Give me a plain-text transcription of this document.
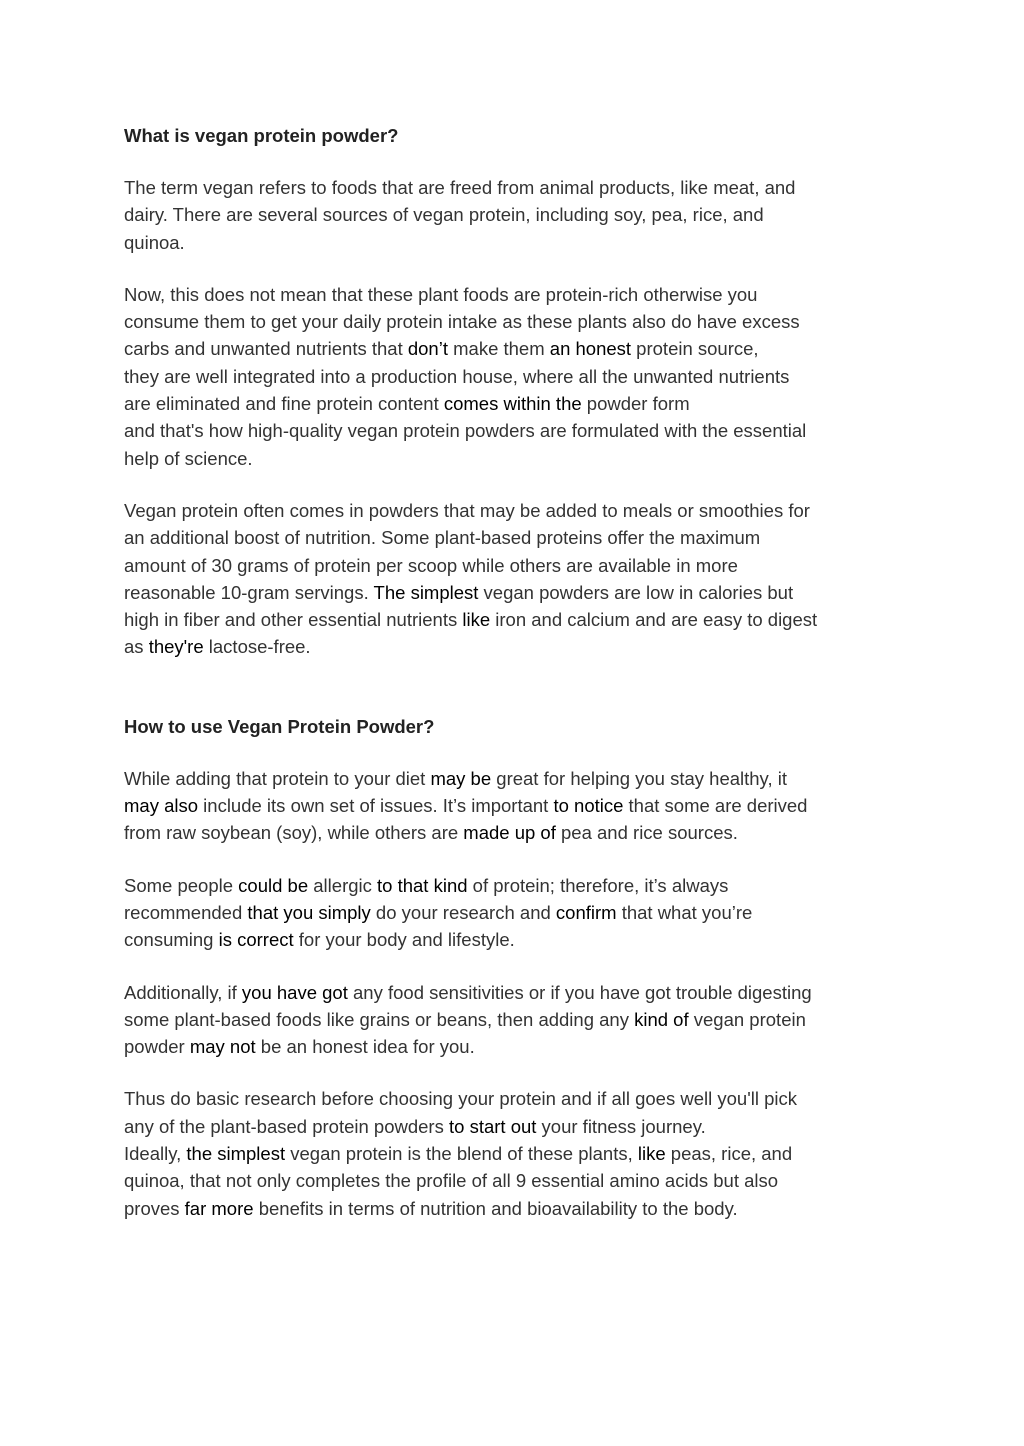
What is vegan protein powder?

The term vegan refers to foods that are freed from animal products, like meat, and
dairy. There are several sources of vegan protein, including soy, pea, rice, and
quinoa.

Now, this does not mean that these plant foods are protein-rich otherwise you
consume them to get your daily protein intake as these plants also do have excess
carbs and unwanted nutrients that don’t make them an honest protein source,
they are well integrated into a production house, where all the unwanted nutrients
are eliminated and fine protein content comes within the powder form
and that's how high-quality vegan protein powders are formulated with the essential
help of science.

Vegan protein often comes in powders that may be added to meals or smoothies for
an additional boost of nutrition. Some plant-based proteins offer the maximum
amount of 30 grams of protein per scoop while others are available in more
reasonable 10-gram servings. The simplest vegan powders are low in calories but
high in fiber and other essential nutrients like iron and calcium and are easy to digest
as they're lactose-free.

How to use Vegan Protein Powder?

While adding that protein to your diet may be great for helping you stay healthy, it
may also include its own set of issues. It’s important to notice that some are derived
from raw soybean (soy), while others are made up of pea and rice sources.

Some people could be allergic to that kind of protein; therefore, it’s always
recommended that you simply do your research and confirm that what you’re
consuming is correct for your body and lifestyle.

Additionally, if you have got any food sensitivities or if you have got trouble digesting
some plant-based foods like grains or beans, then adding any kind of vegan protein
powder may not be an honest idea for you.

Thus do basic research before choosing your protein and if all goes well you'll pick
any of the plant-based protein powders to start out your fitness journey.
Ideally, the simplest vegan protein is the blend of these plants, like peas, rice, and
quinoa, that not only completes the profile of all 9 essential amino acids but also
proves far more benefits in terms of nutrition and bioavailability to the body.
